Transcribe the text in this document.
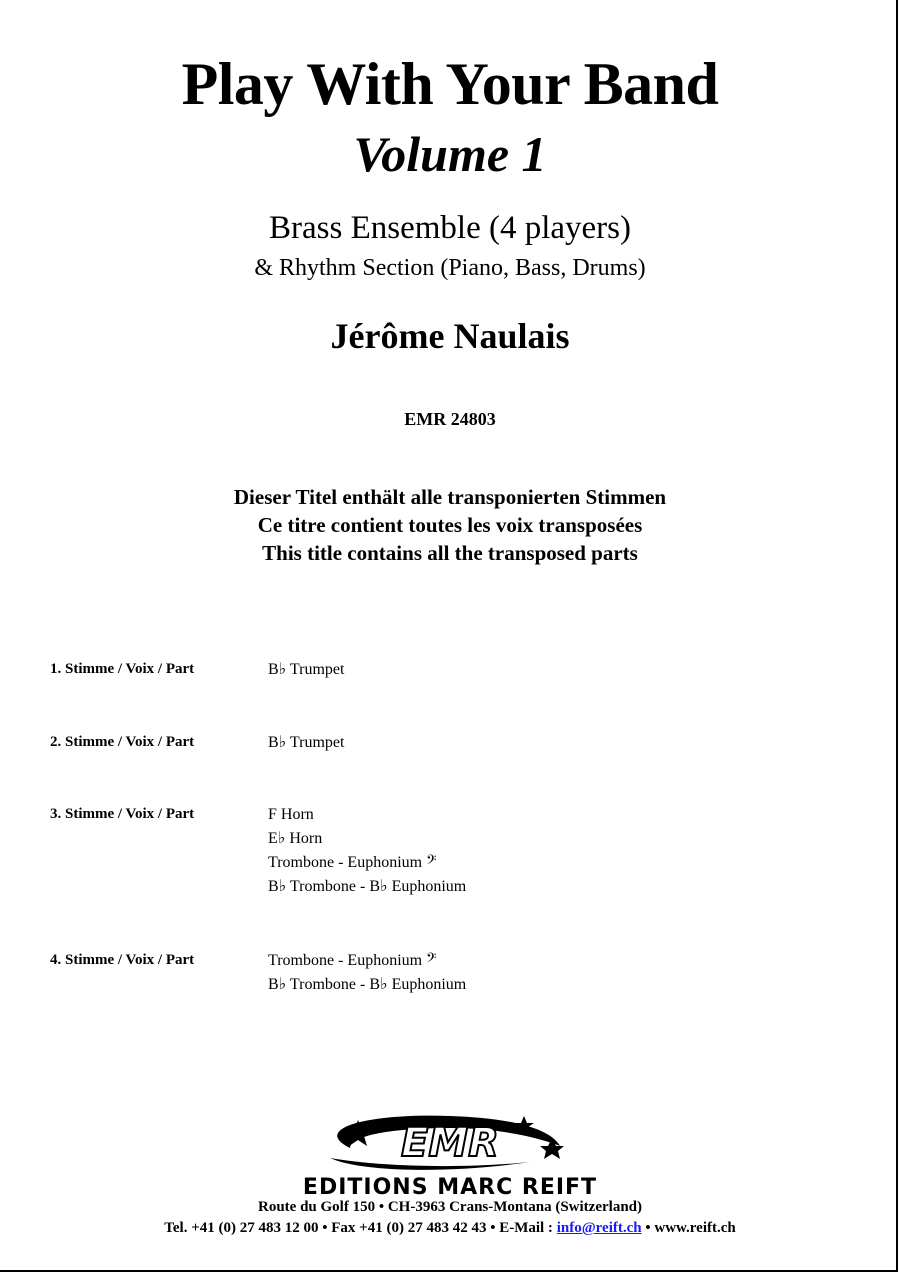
Play With Your Band
Volume 1
Brass Ensemble (4 players)
& Rhythm Section (Piano, Bass, Drums)
Jérôme Naulais
EMR 24803
Dieser Titel enthält alle transponierten Stimmen
Ce titre contient toutes les voix transposées
This title contains all the transposed parts
1. Stimme / Voix / Part	B♭ Trumpet
2. Stimme / Voix / Part	B♭ Trumpet
3. Stimme / Voix / Part	F Horn
E♭ Horn
Trombone - Euphonium 𝄢
B♭ Trombone - B♭ Euphonium
4. Stimme / Voix / Part	Trombone - Euphonium 𝄢
B♭ Trombone - B♭ Euphonium
EMR
EDITIONS MARC REIFT
Route du Golf 150 • CH-3963 Crans-Montana (Switzerland)
Tel. +41 (0) 27 483 12 00 • Fax +41 (0) 27 483 42 43 • E-Mail : info@reift.ch • www.reift.ch
